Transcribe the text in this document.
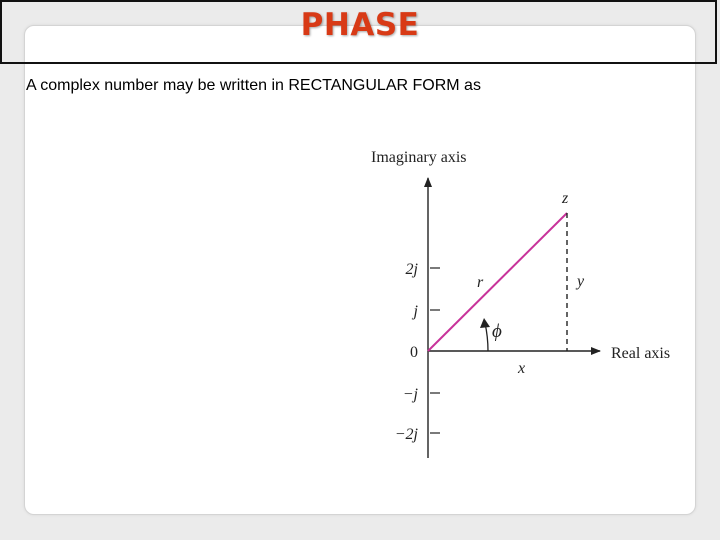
PHASE
A complex number may be written in RECTANGULAR FORM as
Imaginary axis
Real axis
z
r	y
x
ϕ
2j
j
0
−j
−2j
